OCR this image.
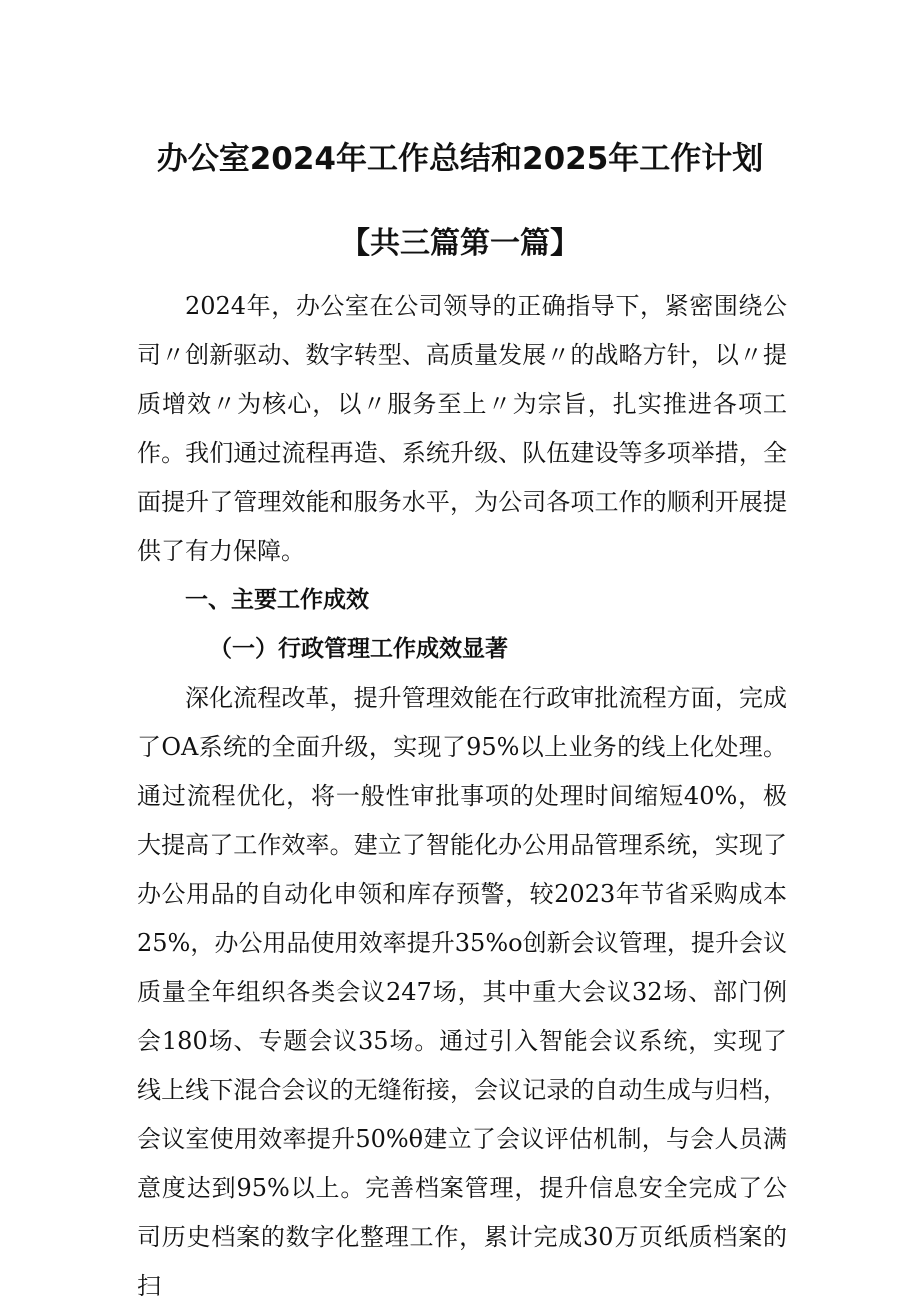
办公室2024年工作总结和2025年工作计划
【共三篇第一篇】

2024年，办公室在公司领导的正确指导下，紧密围绕公司〃创新驱动、数字转型、高质量发展〃的战略方针，以〃提质增效〃为核心，以〃服务至上〃为宗旨，扎实推进各项工作。我们通过流程再造、系统升级、队伍建设等多项举措，全面提升了管理效能和服务水平，为公司各项工作的顺利开展提供了有力保障。

一、主要工作成效

（一）行政管理工作成效显著

深化流程改革，提升管理效能在行政审批流程方面，完成了OA系统的全面升级，实现了95%以上业务的线上化处理。通过流程优化，将一般性审批事项的处理时间缩短40%，极大提高了工作效率。建立了智能化办公用品管理系统，实现了办公用品的自动化申领和库存预警，较2023年节省采购成本25%，办公用品使用效率提升35%o创新会议管理，提升会议质量全年组织各类会议247场，其中重大会议32场、部门例会180场、专题会议35场。通过引入智能会议系统，实现了线上线下混合会议的无缝衔接，会议记录的自动生成与归档，会议室使用效率提升50%θ建立了会议评估机制，与会人员满意度达到95%以上。完善档案管理，提升信息安全完成了公司历史档案的数字化整理工作，累计完成30万页纸质档案的扫
